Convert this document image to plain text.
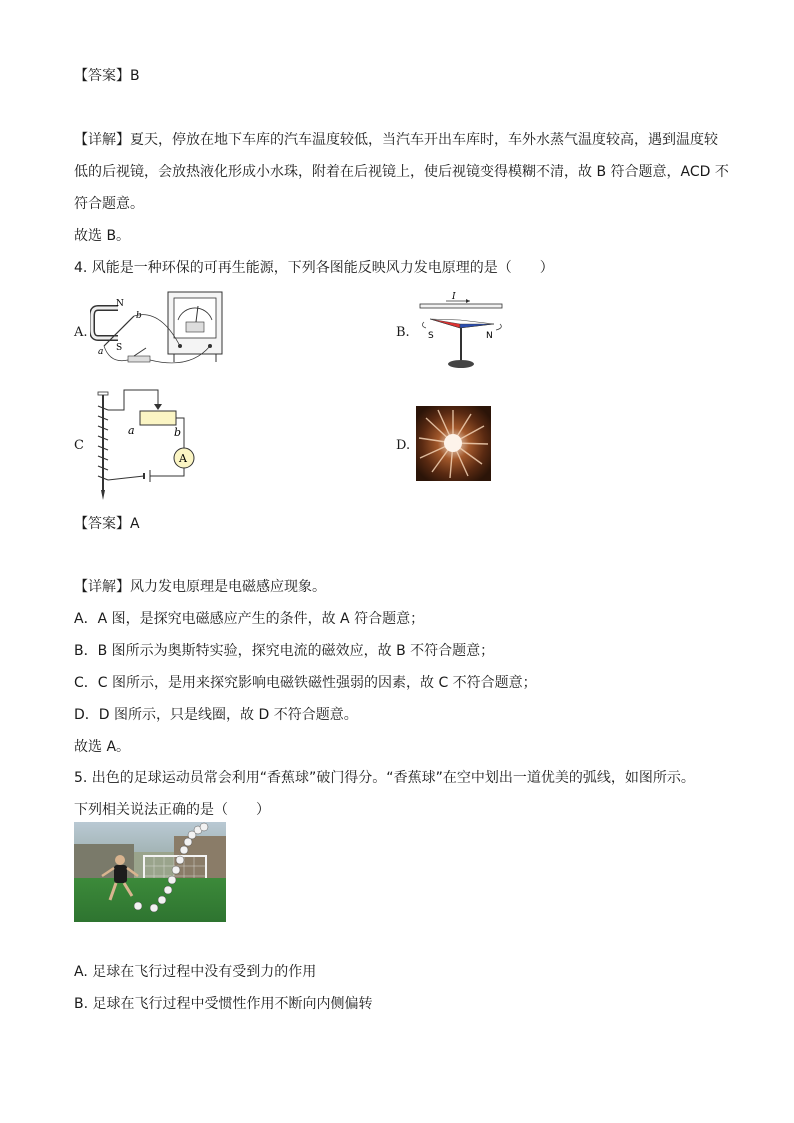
【答案】B
【详解】夏天，停放在地下车库的汽车温度较低，当汽车开出车库时，车外水蒸气温度较高，遇到温度较
低的后视镜，会放热液化形成小水珠，附着在后视镜上，使后视镜变得模糊不清，故 B 符合题意，ACD 不
符合题意。
故选 B。
4. 风能是一种环保的可再生能源，下列各图能反映风力发电原理的是（　　）
A.
N
S
a
b
B.
I
S	N
C
a	b
A
D.
【答案】A
【详解】风力发电原理是电磁感应现象。
A．A 图，是探究电磁感应产生的条件，故 A 符合题意；
B．B 图所示为奥斯特实验，探究电流的磁效应，故 B 不符合题意；
C．C 图所示，是用来探究影响电磁铁磁性强弱的因素，故 C 不符合题意；
D．D 图所示，只是线圈，故 D 不符合题意。
故选 A。
5. 出色的足球运动员常会利用“香蕉球”破门得分。“香蕉球”在空中划出一道优美的弧线，如图所示。
下列相关说法正确的是（　　）
A. 足球在飞行过程中没有受到力的作用
B. 足球在飞行过程中受惯性作用不断向内侧偏转
